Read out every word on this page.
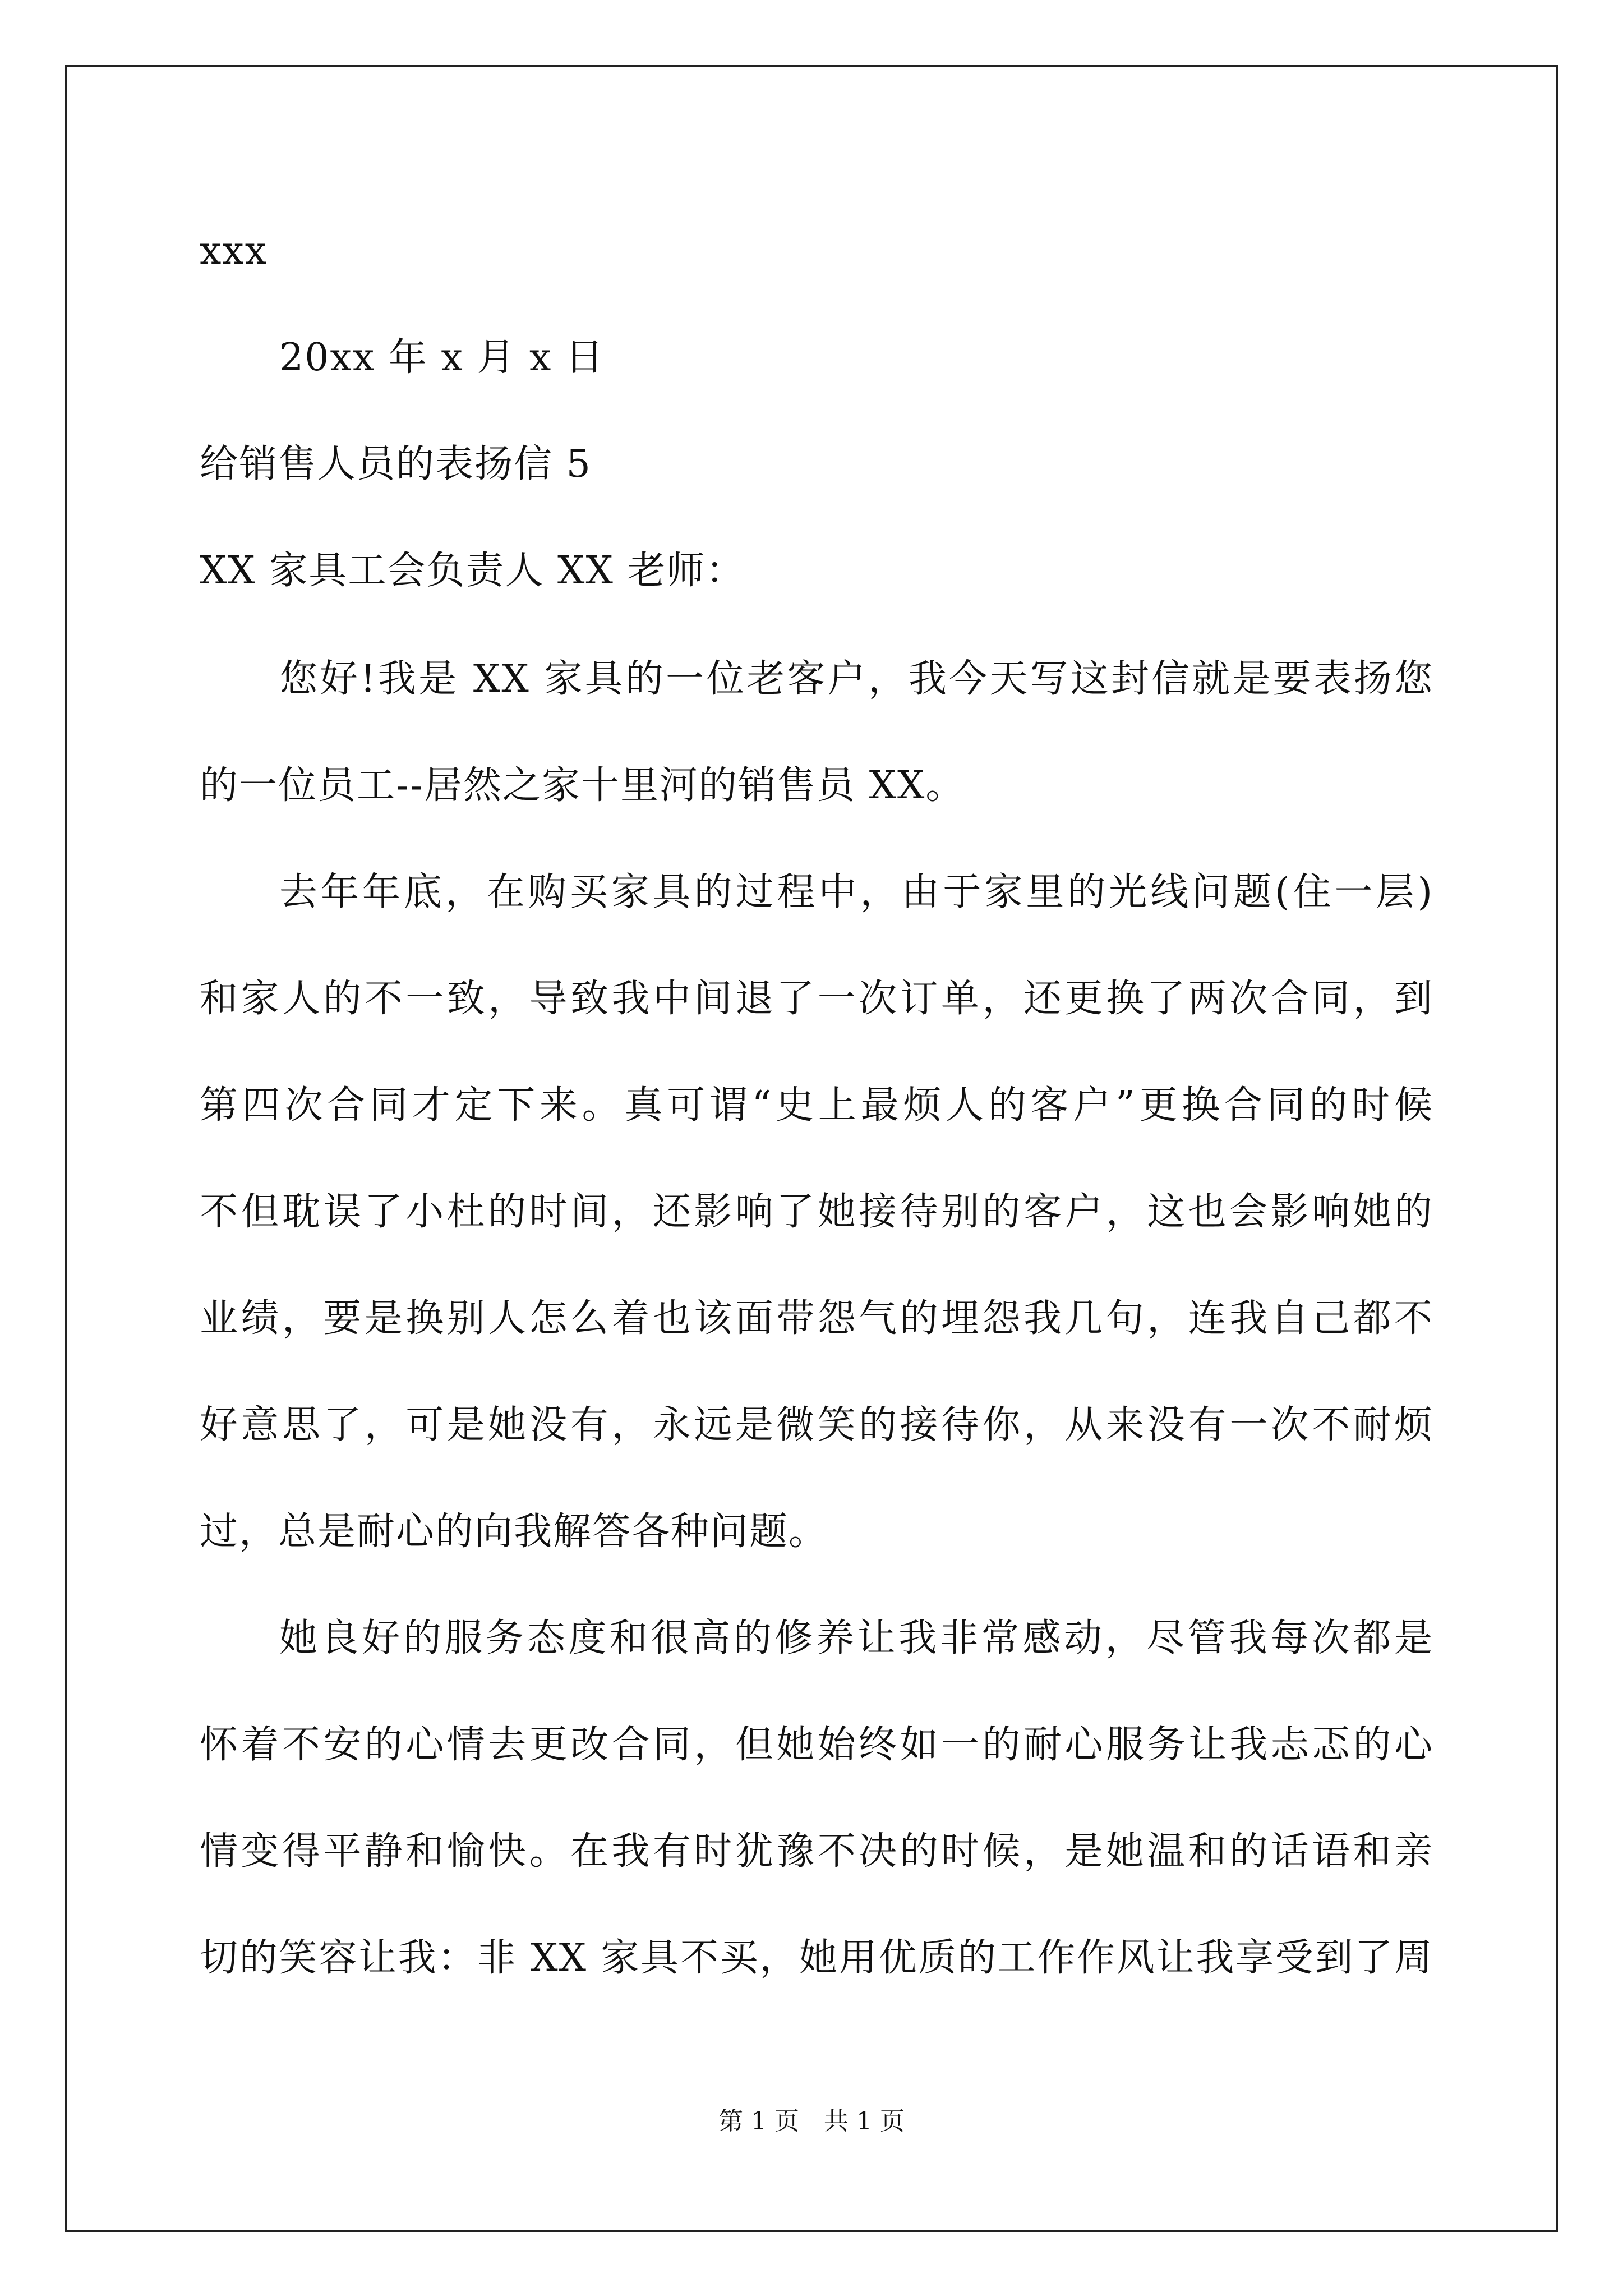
xxx
20xx 年 x 月 x 日
给销售人员的表扬信 5
XX 家具工会负责人 XX 老师：
您好!我是 XX 家具的一位老客户，我今天写这封信就是要表扬您
的一位员工--居然之家十里河的销售员 XX。
去年年底，在购买家具的过程中，由于家里的光线问题(住一层)
和家人的不一致，导致我中间退了一次订单，还更换了两次合同，到
第四次合同才定下来。真可谓“史上最烦人的客户”更换合同的时候
不但耽误了小杜的时间，还影响了她接待别的客户，这也会影响她的
业绩，要是换别人怎么着也该面带怨气的埋怨我几句，连我自己都不
好意思了，可是她没有，永远是微笑的接待你，从来没有一次不耐烦
过，总是耐心的向我解答各种问题。
她良好的服务态度和很高的修养让我非常感动，尽管我每次都是
怀着不安的心情去更改合同，但她始终如一的耐心服务让我忐忑的心
情变得平静和愉快。在我有时犹豫不决的时候，是她温和的话语和亲
切的笑容让我：非 XX 家具不买，她用优质的工作作风让我享受到了周
第 1 页　共 1 页
